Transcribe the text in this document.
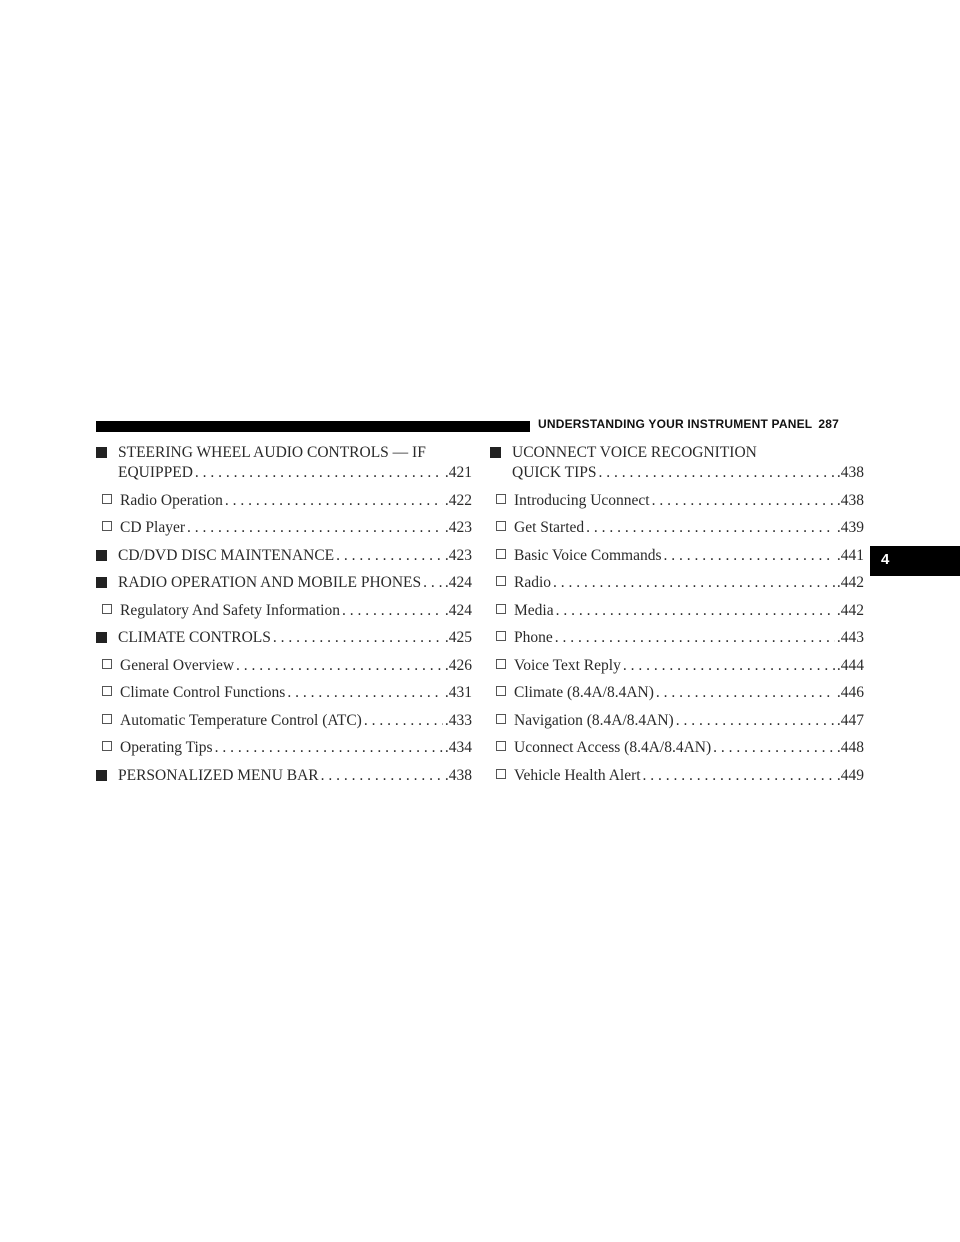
UNDERSTANDING YOUR INSTRUMENT PANEL 287
4
STEERING WHEEL AUDIO CONTROLS — IF
EQUIPPED . . .	.421
Radio Operation . . .	.422
CD Player . . .	.423
CD/DVD DISC MAINTENANCE . . .	.423
RADIO OPERATION AND MOBILE PHONES . . . .424
Regulatory And Safety Information . . .	.424
CLIMATE CONTROLS . . .	.425
General Overview . . .	.426
Climate Control Functions . . .	.431
Automatic Temperature Control (ATC) . . .	.433
Operating Tips . . .	.434
PERSONALIZED MENU BAR . . .	.438
UCONNECT VOICE RECOGNITION
QUICK TIPS . . .	.438
Introducing Uconnect . . .	.438
Get Started . . .	.439
Basic Voice Commands . . .	.441
Radio . . .	.442
Media . . .	.442
Phone . . .	.443
Voice Text Reply . . .	.444
Climate (8.4A/8.4AN) . . .	.446
Navigation (8.4A/8.4AN) . . .	.447
Uconnect Access (8.4A/8.4AN) . . .	.448
Vehicle Health Alert . . .	.449
